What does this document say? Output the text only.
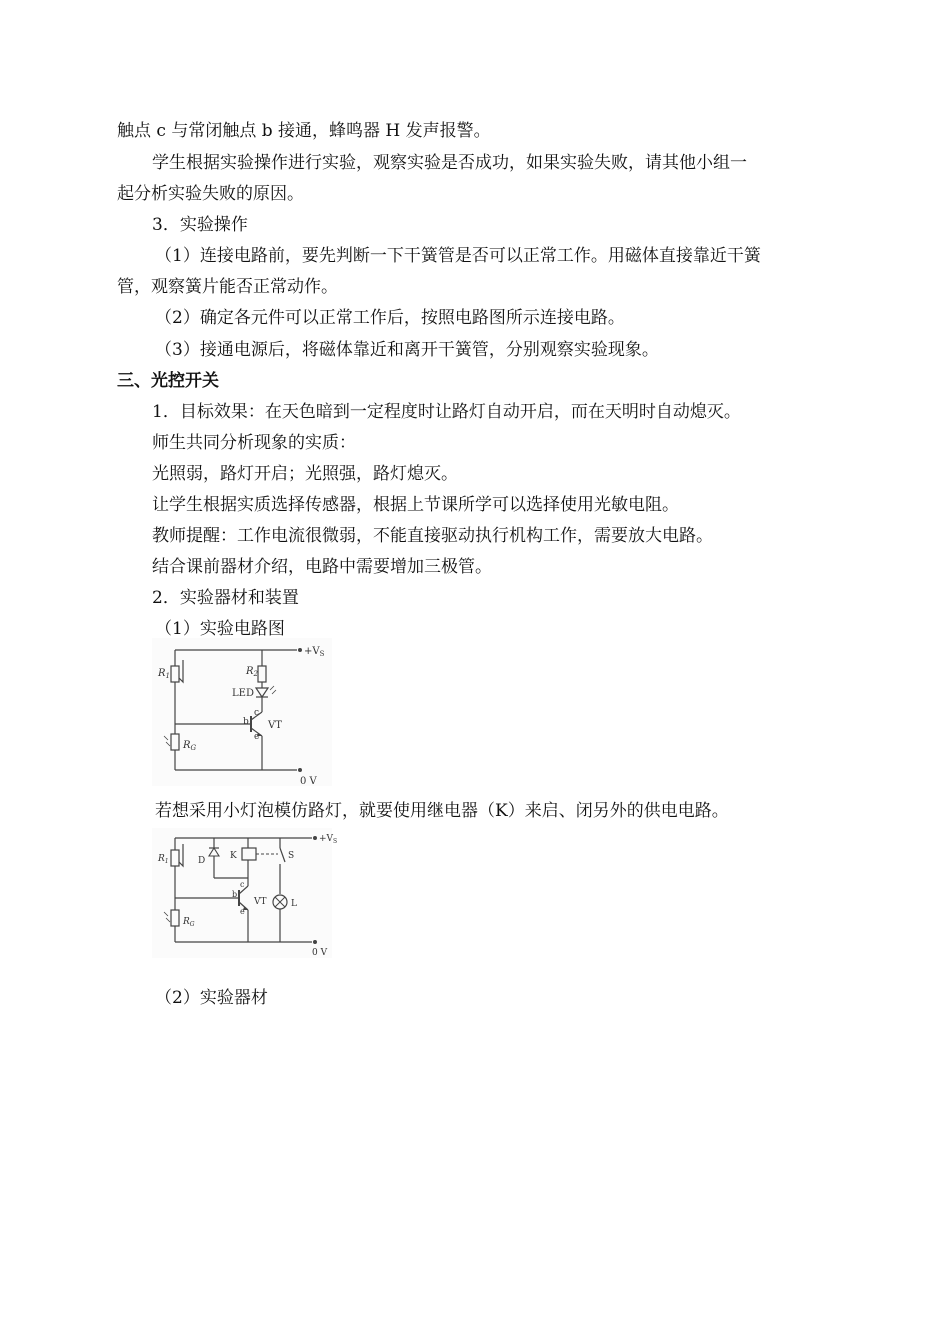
触点 c 与常闭触点 b 接通，蜂鸣器 H 发声报警。
学生根据实验操作进行实验，观察实验是否成功，如果实验失败，请其他小组一
起分析实验失败的原因。
3．实验操作
（1）连接电路前，要先判断一下干簧管是否可以正常工作。用磁体直接靠近干簧
管，观察簧片能否正常动作。
（2）确定各元件可以正常工作后，按照电路图所示连接电路。
（3）接通电源后，将磁体靠近和离开干簧管，分别观察实验现象。
三、光控开关
1．目标效果：在天色暗到一定程度时让路灯自动开启，而在天明时自动熄灭。
师生共同分析现象的实质：
光照弱，路灯开启；光照强，路灯熄灭。
让学生根据实质选择传感器，根据上节课所学可以选择使用光敏电阻。
教师提醒：工作电流很微弱，不能直接驱动执行机构工作，需要放大电路。
结合课前器材介绍，电路中需要增加三极管。
2．实验器材和装置
（1）实验电路图
$+V_S$
$R_1$
$R_G$
0 V
$R_2$
LED
c
b
e
VT
若想采用小灯泡模仿路灯，就要使用继电器（K）来启、闭另外的供电电路。
$+V_S$
$R_1$
$R_G$
0 V
c
b
e
VT
D	K	S
L
（2）实验器材
